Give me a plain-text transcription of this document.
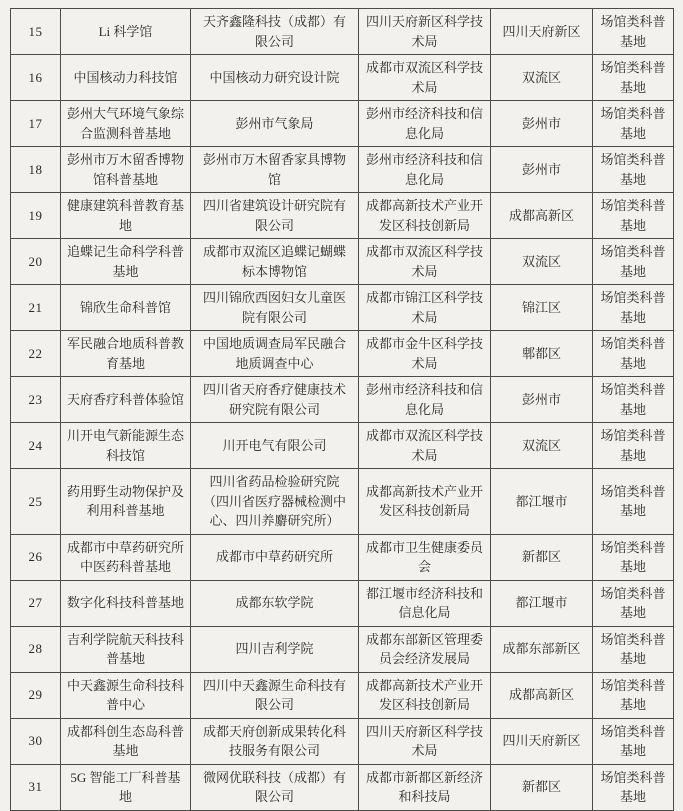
15	Li 科学馆	天齐鑫隆科技（成都）有限公司	四川天府新区科学技术局	四川天府新区	场馆类科普基地
16	中国核动力科技馆	中国核动力研究设计院	成都市双流区科学技术局	双流区	场馆类科普基地
17	彭州大气环境气象综合监测科普基地	彭州市气象局	彭州市经济科技和信息化局	彭州市	场馆类科普基地
18	彭州市万木留香博物馆科普基地	彭州市万木留香家具博物馆	彭州市经济科技和信息化局	彭州市	场馆类科普基地
19	健康建筑科普教育基地	四川省建筑设计研究院有限公司	成都高新技术产业开发区科技创新局	成都高新区	场馆类科普基地
20	追蝶记生命科学科普基地	成都市双流区追蝶记蝴蝶标本博物馆	成都市双流区科学技术局	双流区	场馆类科普基地
21	锦欣生命科普馆	四川锦欣西囡妇女儿童医院有限公司	成都市锦江区科学技术局	锦江区	场馆类科普基地
22	军民融合地质科普教育基地	中国地质调查局军民融合地质调查中心	成都市金牛区科学技术局	郫都区	场馆类科普基地
23	天府香疗科普体验馆	四川省天府香疗健康技术研究院有限公司	彭州市经济科技和信息化局	彭州市	场馆类科普基地
24	川开电气新能源生态科技馆	川开电气有限公司	成都市双流区科学技术局	双流区	场馆类科普基地
25	药用野生动物保护及利用科普基地	四川省药品检验研究院（四川省医疗器械检测中心、四川养麝研究所）	成都高新技术产业开发区科技创新局	都江堰市	场馆类科普基地
26	成都市中草药研究所中医药科普基地	成都市中草药研究所	成都市卫生健康委员会	新都区	场馆类科普基地
27	数字化科技科普基地	成都东软学院	都江堰市经济科技和信息化局	都江堰市	场馆类科普基地
28	吉利学院航天科技科普基地	四川吉利学院	成都东部新区管理委员会经济发展局	成都东部新区	场馆类科普基地
29	中天鑫源生命科技科普中心	四川中天鑫源生命科技有限公司	成都高新技术产业开发区科技创新局	成都高新区	场馆类科普基地
30	成都科创生态岛科普基地	成都天府创新成果转化科技服务有限公司	四川天府新区科学技术局	四川天府新区	场馆类科普基地
31	5G 智能工厂科普基地	微网优联科技（成都）有限公司	成都市新都区新经济和科技局	新都区	场馆类科普基地
